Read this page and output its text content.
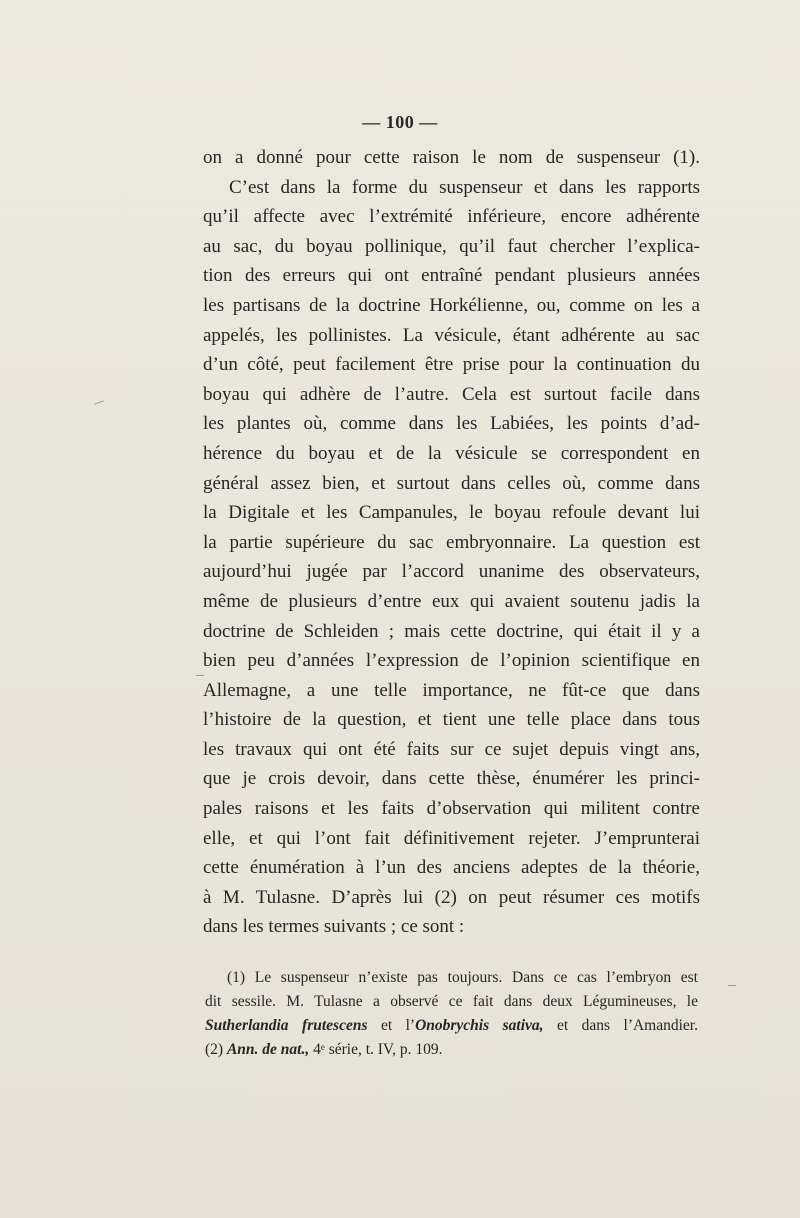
— 100 —
on a donné pour cette raison le nom de suspenseur (1).
C’est dans la forme du suspenseur et dans les rapports
qu’il affecte avec l’extrémité inférieure, encore adhérente
au sac, du boyau pollinique, qu’il faut chercher l’explica-
tion des erreurs qui ont entraîné pendant plusieurs années
les partisans de la doctrine Horkélienne, ou, comme on les a
appelés, les pollinistes. La vésicule, étant adhérente au sac
d’un côté, peut facilement être prise pour la continuation du
boyau qui adhère de l’autre. Cela est surtout facile dans
les plantes où, comme dans les Labiées, les points d’ad-
hérence du boyau et de la vésicule se correspondent en
général assez bien, et surtout dans celles où, comme dans
la Digitale et les Campanules, le boyau refoule devant lui
la partie supérieure du sac embryonnaire. La question est
aujourd’hui jugée par l’accord unanime des observateurs,
même de plusieurs d’entre eux qui avaient soutenu jadis la
doctrine de Schleiden ; mais cette doctrine, qui était il y a
bien peu d’années l’expression de l’opinion scientifique en
Allemagne, a une telle importance, ne fût-ce que dans
l’histoire de la question, et tient une telle place dans tous
les travaux qui ont été faits sur ce sujet depuis vingt ans,
que je crois devoir, dans cette thèse, énumérer les princi-
pales raisons et les faits d’observation qui militent contre
elle, et qui l’ont fait définitivement rejeter. J’emprunterai
cette énumération à l’un des anciens adeptes de la théorie,
à M. Tulasne. D’après lui (2) on peut résumer ces motifs
dans les termes suivants ; ce sont :
(1) Le suspenseur n’existe pas toujours. Dans ce cas l’embryon est
dit sessile. M. Tulasne a observé ce fait dans deux Légumineuses, le
Sutherlandia frutescens et l’Onobrychis sativa, et dans l’Amandier.
(2) Ann. de nat., 4ᵉ série, t. IV, p. 109.
